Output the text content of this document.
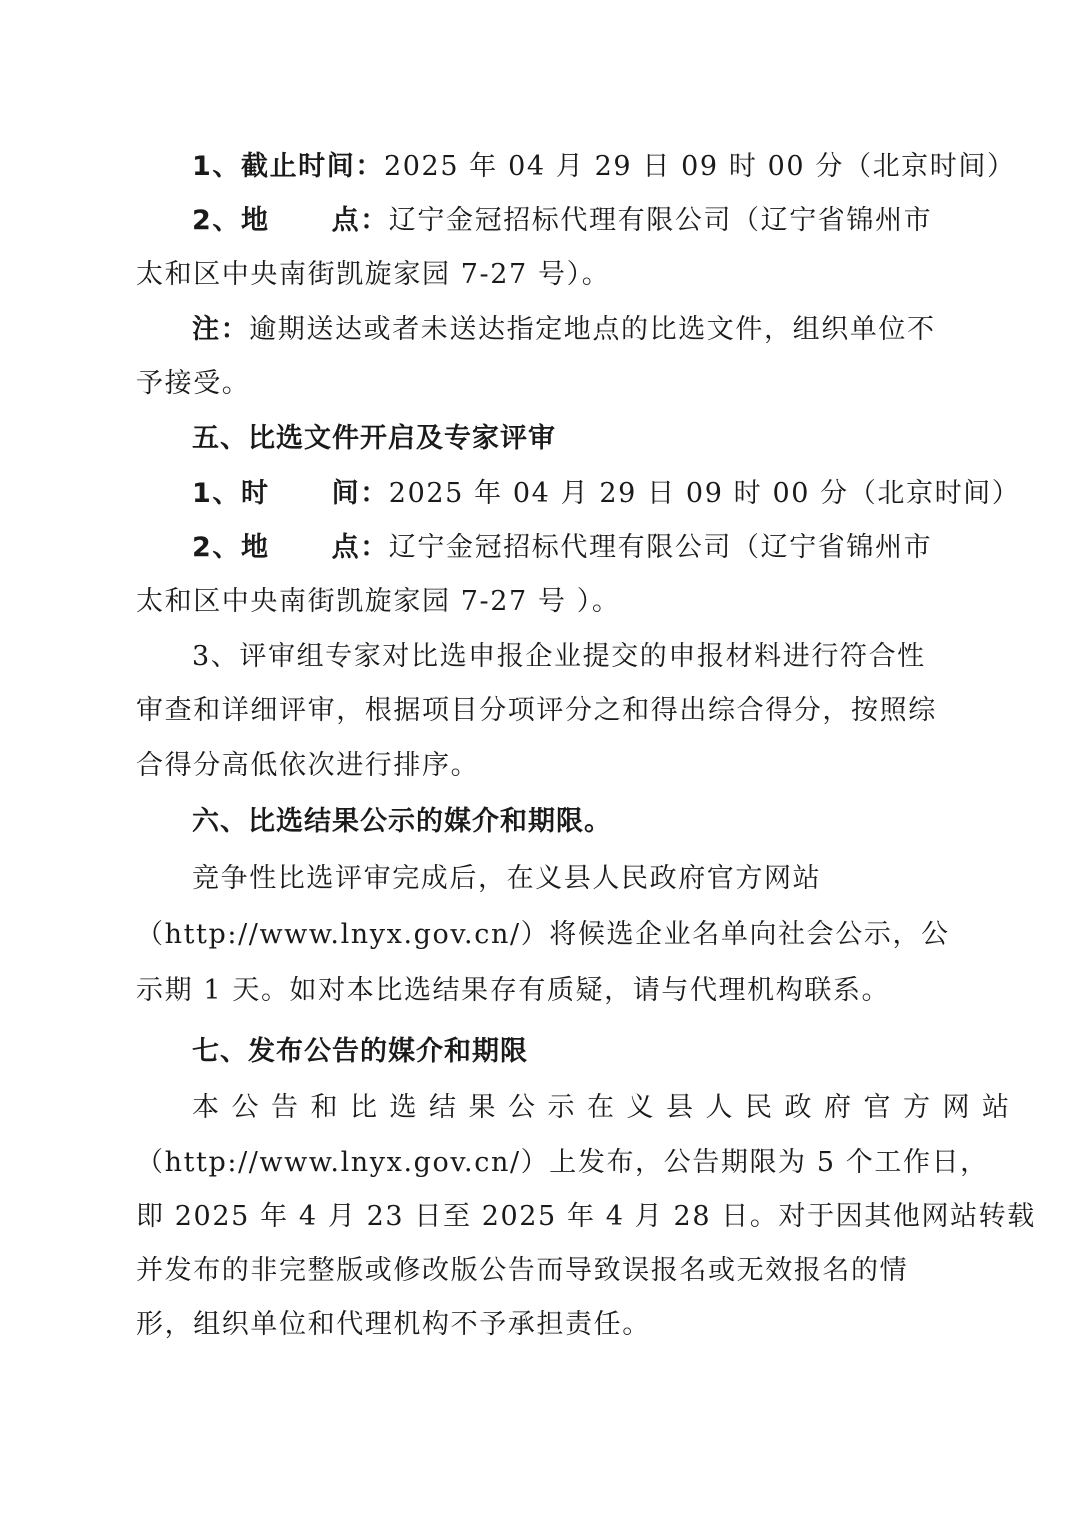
1、截止时间：2025 年 04 月 29 日 09 时 00 分（北京时间）
2、地 点：辽宁金冠招标代理有限公司（辽宁省锦州市
太和区中央南街凯旋家园 7-27 号）。
注：逾期送达或者未送达指定地点的比选文件，组织单位不
予接受。
五、比选文件开启及专家评审
1、时 间：2025 年 04 月 29 日 09 时 00 分（北京时间）
2、地 点：辽宁金冠招标代理有限公司（辽宁省锦州市
太和区中央南街凯旋家园 7-27 号 ）。
3、评审组专家对比选申报企业提交的申报材料进行符合性
审查和详细评审，根据项目分项评分之和得出综合得分，按照综
合得分高低依次进行排序。
六、比选结果公示的媒介和期限。
竞争性比选评审完成后，在义县人民政府官方网站
（http://www.lnyx.gov.cn/）将候选企业名单向社会公示，公
示期 1 天。如对本比选结果存有质疑，请与代理机构联系。
七、发布公告的媒介和期限
本公告和比选结果公示在义县人民政府官方网站
（http://www.lnyx.gov.cn/）上发布，公告期限为 5 个工作日，
即 2025 年 4 月 23 日至 2025 年 4 月 28 日。对于因其他网站转载
并发布的非完整版或修改版公告而导致误报名或无效报名的情
形，组织单位和代理机构不予承担责任。
